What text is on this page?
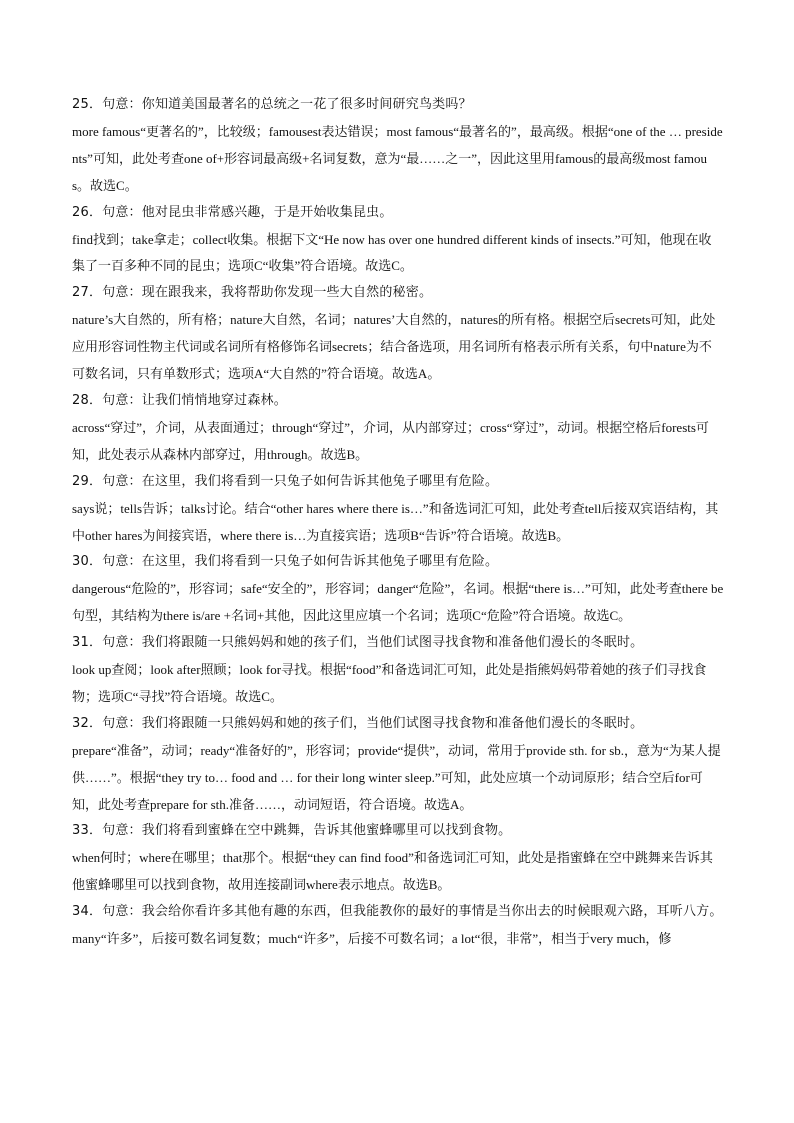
25．句意：你知道美国最著名的总统之一花了很多时间研究鸟类吗？
more famous“更著名的”，比较级；famousest表达错误；most famous“最著名的”，最高级。根据“one of the … presidents”可知，此处考查one of+形容词最高级+名词复数，意为“最……之一”，因此这里用famous的最高级most famous。故选C。
26．句意：他对昆虫非常感兴趣，于是开始收集昆虫。
find找到；take拿走；collect收集。根据下文“He now has over one hundred different kinds of insects.”可知，他现在收集了一百多种不同的昆虫；选项C“收集”符合语境。故选C。
27．句意：现在跟我来，我将帮助你发现一些大自然的秘密。
nature’s大自然的，所有格；nature大自然，名词；natures’大自然的，natures的所有格。根据空后secrets可知，此处应用形容词性物主代词或名词所有格修饰名词secrets；结合备选项，用名词所有格表示所有关系，句中nature为不可数名词，只有单数形式；选项A“大自然的”符合语境。故选A。
28．句意：让我们悄悄地穿过森林。
across“穿过”，介词，从表面通过；through“穿过”，介词，从内部穿过；cross“穿过”，动词。根据空格后forests可知，此处表示从森林内部穿过，用through。故选B。
29．句意：在这里，我们将看到一只兔子如何告诉其他兔子哪里有危险。
says说；tells告诉；talks讨论。结合“other hares where there is…”和备选词汇可知，此处考查tell后接双宾语结构，其中other hares为间接宾语，where there is…为直接宾语；选项B“告诉”符合语境。故选B。
30．句意：在这里，我们将看到一只兔子如何告诉其他兔子哪里有危险。
dangerous“危险的”，形容词；safe“安全的”，形容词；danger“危险”，名词。根据“there is…”可知，此处考查there be句型，其结构为there is/are +名词+其他，因此这里应填一个名词；选项C“危险”符合语境。故选C。
31．句意：我们将跟随一只熊妈妈和她的孩子们，当他们试图寻找食物和准备他们漫长的冬眠时。
look up查阅；look after照顾；look for寻找。根据“food”和备选词汇可知，此处是指熊妈妈带着她的孩子们寻找食物；选项C“寻找”符合语境。故选C。
32．句意：我们将跟随一只熊妈妈和她的孩子们，当他们试图寻找食物和准备他们漫长的冬眠时。
prepare“准备”，动词；ready“准备好的”，形容词；provide“提供”，动词，常用于provide sth. for sb.，意为“为某人提供……”。根据“they try to… food and … for their long winter sleep.”可知，此处应填一个动词原形；结合空后for可知，此处考查prepare for sth.准备……，动词短语，符合语境。故选A。
33．句意：我们将看到蜜蜂在空中跳舞，告诉其他蜜蜂哪里可以找到食物。
when何时；where在哪里；that那个。根据“they can find food”和备选词汇可知，此处是指蜜蜂在空中跳舞来告诉其他蜜蜂哪里可以找到食物，故用连接副词where表示地点。故选B。
34．句意：我会给你看许多其他有趣的东西，但我能教你的最好的事情是当你出去的时候眼观六路，耳听八方。
many“许多”，后接可数名词复数；much“许多”，后接不可数名词；a lot“很，非常”，相当于very much，修
